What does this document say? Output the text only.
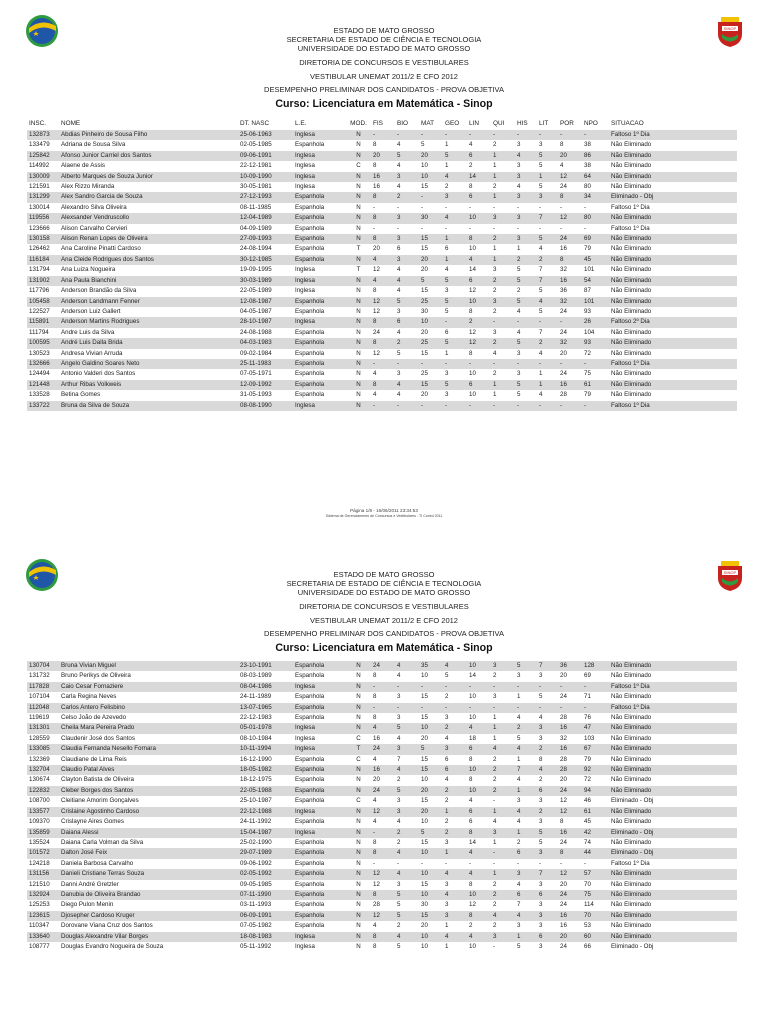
SINOP
ESTADO DE MATO GROSSO
SECRETARIA DE ESTADO DE CIÊNCIA E TECNOLOGIA
UNIVERSIDADE DO ESTADO DE MATO GROSSO
DIRETORIA DE CONCURSOS E VESTIBULARES
VESTIBULAR UNEMAT 2011/2 E CFO 2012
DESEMPENHO PRELIMINAR DOS CANDIDATOS - PROVA OBJETIVA
Curso: Licenciatura em Matemática - Sinop
INSC.	NOME	DT. NASC	L.E.	MOD.	FIS	BIO	MAT	GEO	LIN	QUI	HIS	LIT	POR	NPO	SITUACAO
132873	Abdias Pinheiro de Sousa Filho	25-06-1963	Inglesa	N	-	-	-	-	-	-	-	-	-	-	Faltoso 1º Dia
133479	Adriana de Sousa Silva	02-05-1985	Espanhola	N	8	4	5	1	4	2	3	3	8	38	Não Eliminado
125842	Afonso Junior Carriel dos Santos	09-06-1991	Inglesa	N	20	5	20	5	6	1	4	5	20	86	Não Eliminado
114992	Alaene de Assis	22-12-1981	Inglesa	C	8	4	10	1	2	1	3	5	4	38	Não Eliminado
130009	Alberto Marques de Souza Junior	10-09-1990	Inglesa	N	16	3	10	4	14	1	3	1	12	64	Não Eliminado
121591	Alex Rizzo Miranda	30-05-1981	Inglesa	N	16	4	15	2	8	2	4	5	24	80	Não Eliminado
131299	Alex Sandro Garcia de Souza	27-12-1993	Espanhola	N	8	2	-	3	6	1	3	3	8	34	Eliminado - Obj
130014	Alexandro Silva Oliveira	08-11-1985	Espanhola	N	-	-	-	-	-	-	-	-	-	-	Faltoso 1º Dia
119556	Alexsander Vendruscollo	12-04-1989	Espanhola	N	8	3	30	4	10	3	3	7	12	80	Não Eliminado
123666	Alison Carvalho Cervieri	04-09-1989	Espanhola	N	-	-	-	-	-	-	-	-	-	-	Faltoso 1º Dia
130158	Alison Renan Lopes de Oliveira	27-09-1993	Espanhola	N	8	3	15	1	8	2	3	5	24	69	Não Eliminado
126462	Ana Caroline Pinatti Cardoso	24-08-1994	Espanhola	T	20	6	15	6	10	1	1	4	16	79	Não Eliminado
116184	Ana Cleide Rodrigues dos Santos	30-12-1985	Espanhola	N	4	3	20	1	4	1	2	2	8	45	Não Eliminado
131794	Ana Luiza Nogueira	19-09-1995	Inglesa	T	12	4	20	4	14	3	5	7	32	101	Não Eliminado
131902	Ana Paula Bianchini	30-03-1989	Inglesa	N	4	4	5	5	6	2	5	7	16	54	Não Eliminado
117796	Anderson Brandão da Silva	22-05-1989	Inglesa	N	8	4	15	3	12	2	2	5	36	87	Não Eliminado
105458	Anderson Landmann Fenner	12-08-1987	Espanhola	N	12	5	25	5	10	3	5	4	32	101	Não Eliminado
122527	Anderson Luiz Gallert	04-05-1987	Espanhola	N	12	3	30	5	8	2	4	5	24	93	Não Eliminado
115891	Anderson Martins Rodrigues	28-10-1987	Inglesa	N	8	6	10	-	2	-	-	-	-	26	Faltoso 2º Dia
111794	Andre Luis da Silva	24-08-1988	Espanhola	N	24	4	20	6	12	3	4	7	24	104	Não Eliminado
100595	André Luis Dalla Brida	04-03-1983	Espanhola	N	8	2	25	5	12	2	5	2	32	93	Não Eliminado
130523	Andresa Vivian Arruda	09-02-1984	Espanhola	N	12	5	15	1	8	4	3	4	20	72	Não Eliminado
132666	Angelo Galdino Soares Neto	25-11-1983	Espanhola	N	-	-	-	-	-	-	-	-	-	-	Faltoso 1º Dia
124494	Antonio Valderi dos Santos	07-05-1971	Espanhola	N	4	3	25	3	10	2	3	1	24	75	Não Eliminado
121448	Arthur Ribas Volkweis	12-09-1992	Espanhola	N	8	4	15	5	6	1	5	1	16	61	Não Eliminado
133528	Betina Gomes	31-05-1993	Espanhola	N	4	4	20	3	10	1	5	4	28	79	Não Eliminado
133722	Bruna da Silva de Souza	08-08-1990	Inglesa	N	-	-	-	-	-	-	-	-	-	-	Faltoso 1º Dia
Página 1/8 - 16/06/2011 23:34:53
Sistema de Gerenciamento de Concursos e Vestibulares - TI Coved 2011
SINOP
ESTADO DE MATO GROSSO
SECRETARIA DE ESTADO DE CIÊNCIA E TECNOLOGIA
UNIVERSIDADE DO ESTADO DE MATO GROSSO
DIRETORIA DE CONCURSOS E VESTIBULARES
VESTIBULAR UNEMAT 2011/2 E CFO 2012
DESEMPENHO PRELIMINAR DOS CANDIDATOS - PROVA OBJETIVA
Curso: Licenciatura em Matemática - Sinop
130704	Bruna Vivian Miguel	23-10-1991	Espanhola	N	24	4	35	4	10	3	5	7	36	128	Não Eliminado
131732	Bruno Perikys de Oliveira	08-03-1989	Espanhola	N	8	4	10	5	14	2	3	3	20	69	Não Eliminado
117828	Caio Cesar Fornaziere	08-04-1986	Inglesa	N	-	-	-	-	-	-	-	-	-	-	Faltoso 1º Dia
107104	Carla Regina Neves	24-11-1989	Espanhola	N	8	3	15	2	10	3	1	5	24	71	Não Eliminado
112048	Carlos Antero Felisbino	13-07-1965	Espanhola	N	-	-	-	-	-	-	-	-	-	-	Faltoso 1º Dia
119619	Celso João de Azevedo	22-12-1983	Espanhola	N	8	3	15	3	10	1	4	4	28	76	Não Eliminado
131301	Cheila Mara Pereira Prado	05-01-1978	Inglesa	N	4	5	10	2	4	1	2	3	16	47	Não Eliminado
128559	Claudenir José dos Santos	08-10-1984	Inglesa	C	16	4	20	4	18	1	5	3	32	103	Não Eliminado
133085	Claudia Fernanda Nesello Fornara	10-11-1994	Inglesa	T	24	3	5	3	6	4	4	2	16	67	Não Eliminado
132369	Claudiane de Lima Reis	16-12-1990	Espanhola	C	4	7	15	6	8	2	1	8	28	79	Não Eliminado
132704	Claudio Patal Alves	18-05-1982	Espanhola	N	16	4	15	6	10	2	7	4	28	92	Não Eliminado
130674	Clayton Batista de Oliveira	18-12-1975	Espanhola	N	20	2	10	4	8	2	4	2	20	72	Não Eliminado
122832	Cleber Borges dos Santos	22-05-1988	Espanhola	N	24	5	20	2	10	2	1	6	24	94	Não Eliminado
108700	Cleitiane Amorim Gonçalves	25-10-1987	Espanhola	C	4	3	15	2	4	-	3	3	12	46	Eliminado - Obj
133577	Crislaine Agostinho Cardoso	22-12-1988	Inglesa	N	12	3	20	1	6	1	4	2	12	61	Não Eliminado
109370	Crislayne Aires Gomes	24-11-1992	Espanhola	N	4	4	10	2	6	4	4	3	8	45	Não Eliminado
135859	Daiana Alessi	15-04-1987	Inglesa	N	-	2	5	2	8	3	1	5	16	42	Eliminado - Obj
135524	Daiana Carla Volman da Silva	25-02-1990	Espanhola	N	8	2	15	3	14	1	2	5	24	74	Não Eliminado
101572	Dalton José Feix	29-07-1989	Espanhola	N	8	4	10	1	4	-	6	3	8	44	Eliminado - Obj
124218	Daniela Barbosa Carvalho	09-06-1992	Espanhola	N	-	-	-	-	-	-	-	-	-	-	Faltoso 1º Dia
131156	Danieli Cristiane Terras Souza	02-05-1992	Espanhola	N	12	4	10	4	4	1	3	7	12	57	Não Eliminado
121510	Danni André Gretzler	09-05-1985	Espanhola	N	12	3	15	3	8	2	4	3	20	70	Não Eliminado
132924	Danubia de Oliveira Brandao	07-11-1990	Espanhola	N	8	5	10	4	10	2	6	6	24	75	Não Eliminado
125253	Diego Pulon Menin	03-11-1993	Espanhola	N	28	5	30	3	12	2	7	3	24	114	Não Eliminado
123615	Djosepher Cardoso Kruger	06-09-1991	Espanhola	N	12	5	15	3	8	4	4	3	16	70	Não Eliminado
110347	Dorovane Viana Cruz dos Santos	07-05-1982	Espanhola	N	4	2	20	1	2	2	3	3	16	53	Não Eliminado
133640	Douglas Alexandre Vilar Borges	18-08-1983	Inglesa	N	8	4	10	4	4	3	1	6	20	60	Não Eliminado
108777	Douglas Evandro Nogueira de Souza	05-11-1992	Inglesa	N	8	5	10	1	10	-	5	3	24	66	Eliminado - Obj
